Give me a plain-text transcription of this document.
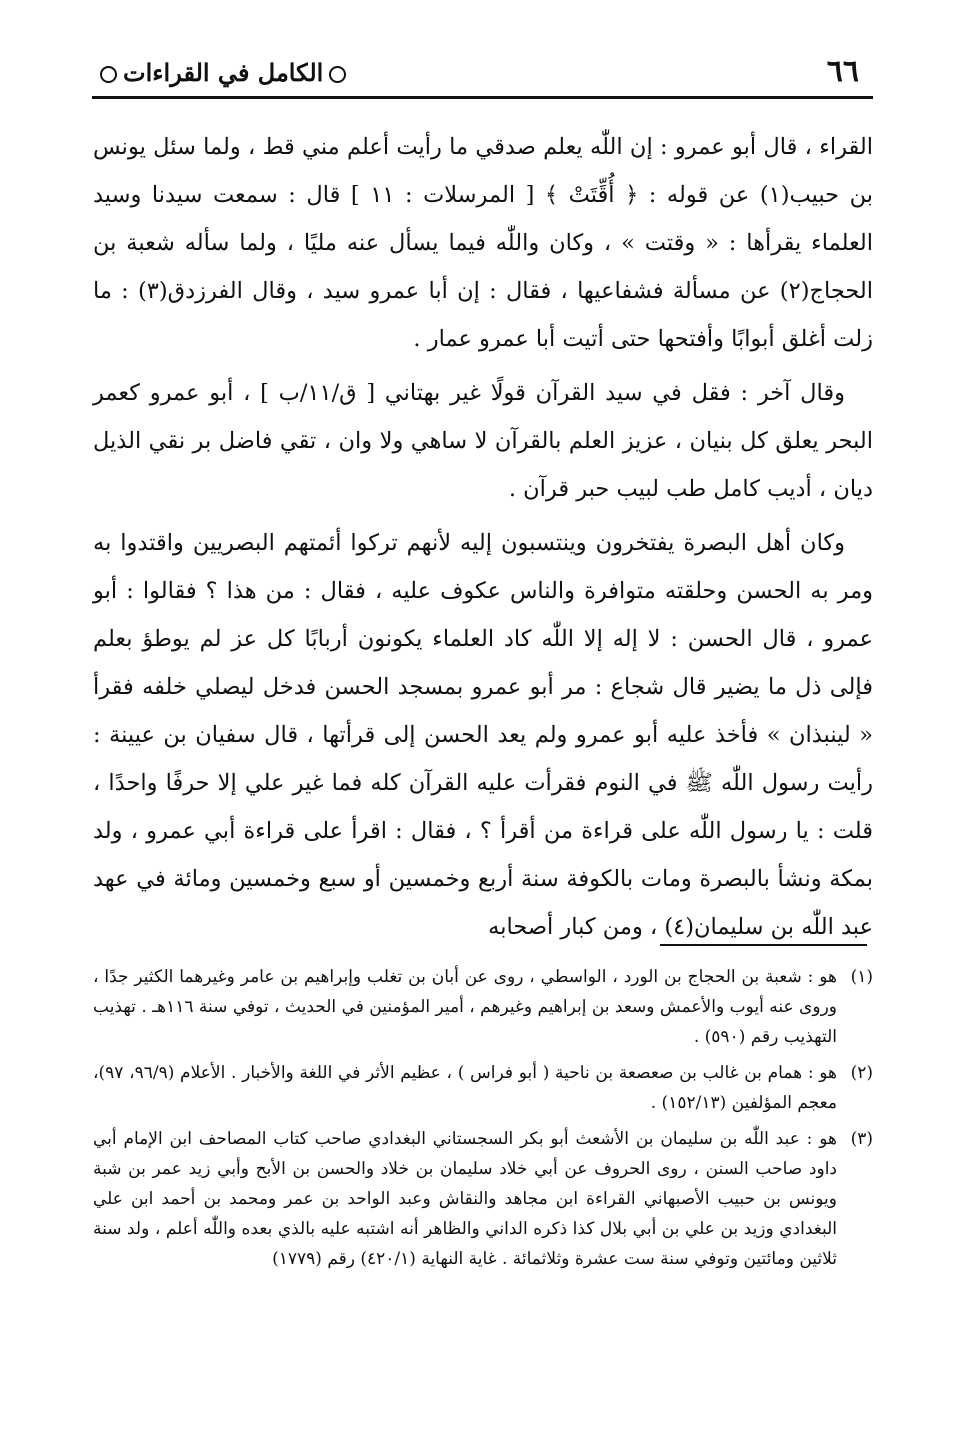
٦٦
الكامل في القراءات

القراء ، قال أبو عمرو : إن اللّٰه يعلم صدقي ما رأيت أعلم مني قط ، ولما سئل يونس بن حبيب(١) عن قوله : ﴿ أُقِّتَتْ ﴾ [ المرسلات : ١١ ] قال : سمعت سيدنا وسيد العلماء يقرأها : « وقتت » ، وكان واللّٰه فيما يسأل عنه مليًا ، ولما سأله شعبة بن الحجاج(٢) عن مسألة فشفاعيها ، فقال : إن أبا عمرو سيد ، وقال الفرزدق(٣) : ما زلت أغلق أبوابًا وأفتحها حتى أتيت أبا عمرو عمار .

وقال آخر : فقل في سيد القرآن قولًا غير بهتاني [ ق/١١/ب ] ، أبو عمرو كعمر البحر يعلق كل بنيان ، عزيز العلم بالقرآن لا ساهي ولا وان ، تقي فاضل بر نقي الذيل ديان ، أديب كامل طب لبيب حبر قرآن .

وكان أهل البصرة يفتخرون وينتسبون إليه لأنهم تركوا أئمتهم البصريين واقتدوا به ومر به الحسن وحلقته متوافرة والناس عكوف عليه ، فقال : من هذا ؟ فقالوا : أبو عمرو ، قال الحسن : لا إله إلا اللّٰه كاد العلماء يكونون أربابًا كل عز لم يوطؤ بعلم فإلى ذل ما يضير قال شجاع : مر أبو عمرو بمسجد الحسن فدخل ليصلي خلفه فقرأ « لينبذان » فأخذ عليه أبو عمرو ولم يعد الحسن إلى قرأتها ، قال سفيان بن عيينة : رأيت رسول اللّٰه ﷺ في النوم فقرأت عليه القرآن كله فما غير علي إلا حرفًا واحدًا ، قلت : يا رسول اللّٰه على قراءة من أقرأ ؟ ، فقال : اقرأ على قراءة أبي عمرو ، ولد بمكة ونشأ بالبصرة ومات بالكوفة سنة أربع وخمسين أو سبع وخمسين ومائة في عهد عبد اللّٰه بن سليمان(٤) ، ومن كبار أصحابه

(١)هو : شعبة بن الحجاج بن الورد ، الواسطي ، روى عن أبان بن تغلب وإبراهيم بن عامر وغيرهما الكثير جدًا ، وروى عنه أيوب والأعمش وسعد بن إبراهيم وغيرهم ، أمير المؤمنين في الحديث ، توفي سنة ١١٦هـ . تهذيب التهذيب رقم (٥٩٠) .

(٢)هو : همام بن غالب بن صعصعة بن ناحية ( أبو فراس ) ، عظيم الأثر في اللغة والأخبار . الأعلام (٩٦/٩، ٩٧)، معجم المؤلفين (١٥٢/١٣) .

(٣)هو : عبد اللّٰه بن سليمان بن الأشعث أبو بكر السجستاني البغدادي صاحب كتاب المصاحف ابن الإمام أبي داود صاحب السنن ، روى الحروف عن أبي خلاد سليمان بن خلاد والحسن بن الأبح وأبي زيد عمر بن شبة ويونس بن حبيب الأصبهاني القراءة ابن مجاهد والنقاش وعبد الواحد بن عمر ومحمد بن أحمد ابن علي البغدادي وزيد بن علي بن أبي بلال كذا ذكره الداني والظاهر أنه اشتبه عليه بالذي بعده واللّٰه أعلم ، ولد سنة ثلاثين ومائتين وتوفي سنة ست عشرة وثلاثمائة . غاية النهاية (٤٢٠/١) رقم (١٧٧٩)
